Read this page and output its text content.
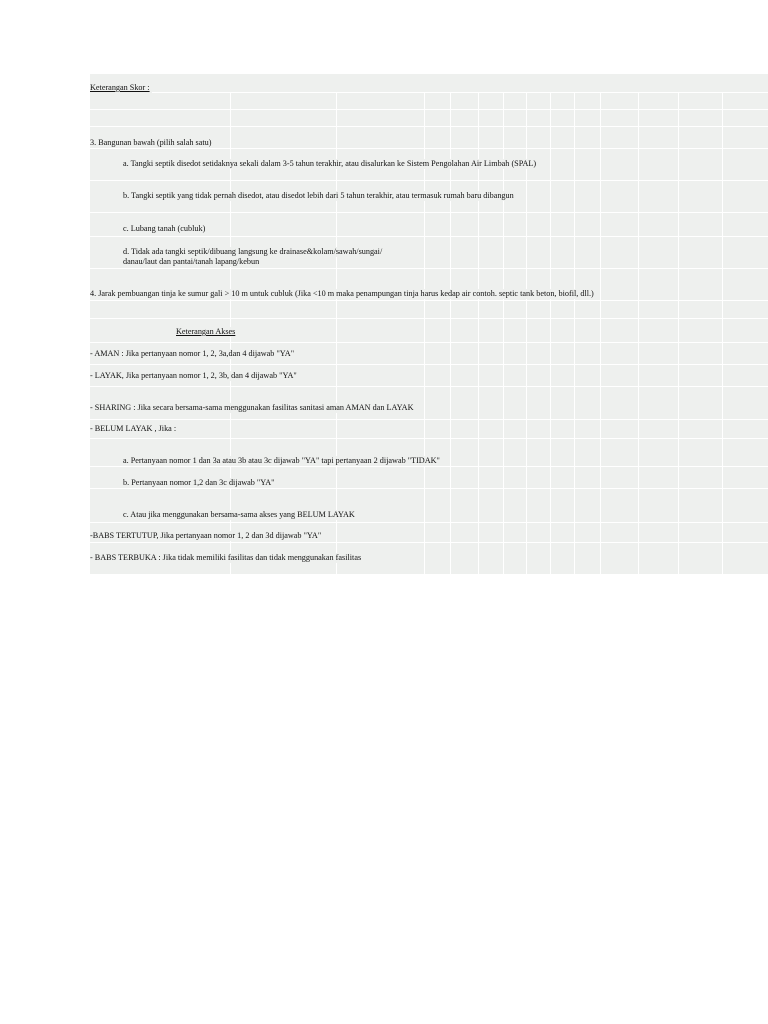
Keterangan Skor :
3. Bangunan bawah (pilih salah satu)
a. Tangki septik disedot setidaknya sekali dalam 3-5 tahun terakhir, atau disalurkan ke Sistem Pengolahan Air Limbah (SPAL)
b. Tangki septik yang tidak pernah disedot, atau disedot lebih dari 5 tahun terakhir, atau termasuk rumah baru dibangun
c. Lubang tanah (cubluk)
d. Tidak ada tangki septik/dibuang langsung ke drainase&kolam/sawah/sungai/
danau/laut dan pantai/tanah lapang/kebun
4. Jarak pembuangan tinja ke sumur gali > 10 m untuk cubluk (Jika <10 m maka penampungan tinja harus kedap air contoh. septic tank beton, biofil, dll.)
Keterangan Akses
- AMAN : Jika pertanyaan nomor 1, 2, 3a,dan 4 dijawab "YA"
- LAYAK, Jika pertanyaan nomor 1, 2, 3b, dan 4 dijawab "YA"
- SHARING : Jika secara bersama-sama menggunakan fasilitas sanitasi aman AMAN dan LAYAK
- BELUM LAYAK , Jika :
a. Pertanyaan nomor 1 dan 3a atau 3b atau 3c dijawab "YA" tapi pertanyaan 2 dijawab "TIDAK"
b. Pertanyaan nomor 1,2 dan 3c dijawab "YA"
c. Atau jika menggunakan bersama-sama akses yang BELUM LAYAK
-BABS TERTUTUP, Jika pertanyaan nomor 1, 2 dan 3d dijawab "YA"
- BABS TERBUKA : Jika tidak memiliki fasilitas dan tidak menggunakan fasilitas
